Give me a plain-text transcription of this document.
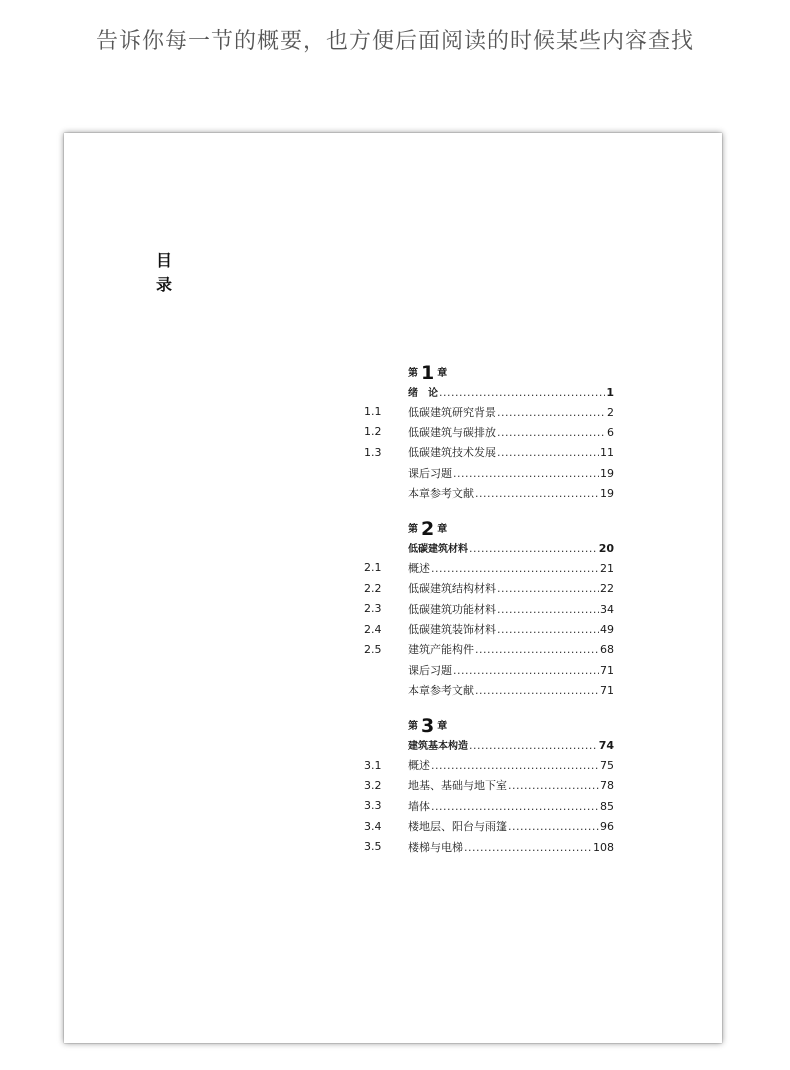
告诉你每一节的概要，也方便后面阅读的时候某些内容查找
目
录
第 1 章
绪　论 .....	1
1.1	低碳建筑研究背景 .....	2
1.2	低碳建筑与碳排放 .....	6
1.3	低碳建筑技术发展 .....	11
课后习题 .....	19
本章参考文献 .....	19
第 2 章
低碳建筑材料 .....	20
2.1	概述 .....	21
2.2	低碳建筑结构材料 .....	22
2.3	低碳建筑功能材料 .....	34
2.4	低碳建筑装饰材料 .....	49
2.5	建筑产能构件 .....	68
课后习题 .....	71
本章参考文献 .....	71
第 3 章
建筑基本构造 .....	74
3.1	概述 .....	75
3.2	地基、基础与地下室 .....	78
3.3	墙体 .....	85
3.4	楼地层、阳台与雨篷 .....	96
3.5	楼梯与电梯 .....	108
